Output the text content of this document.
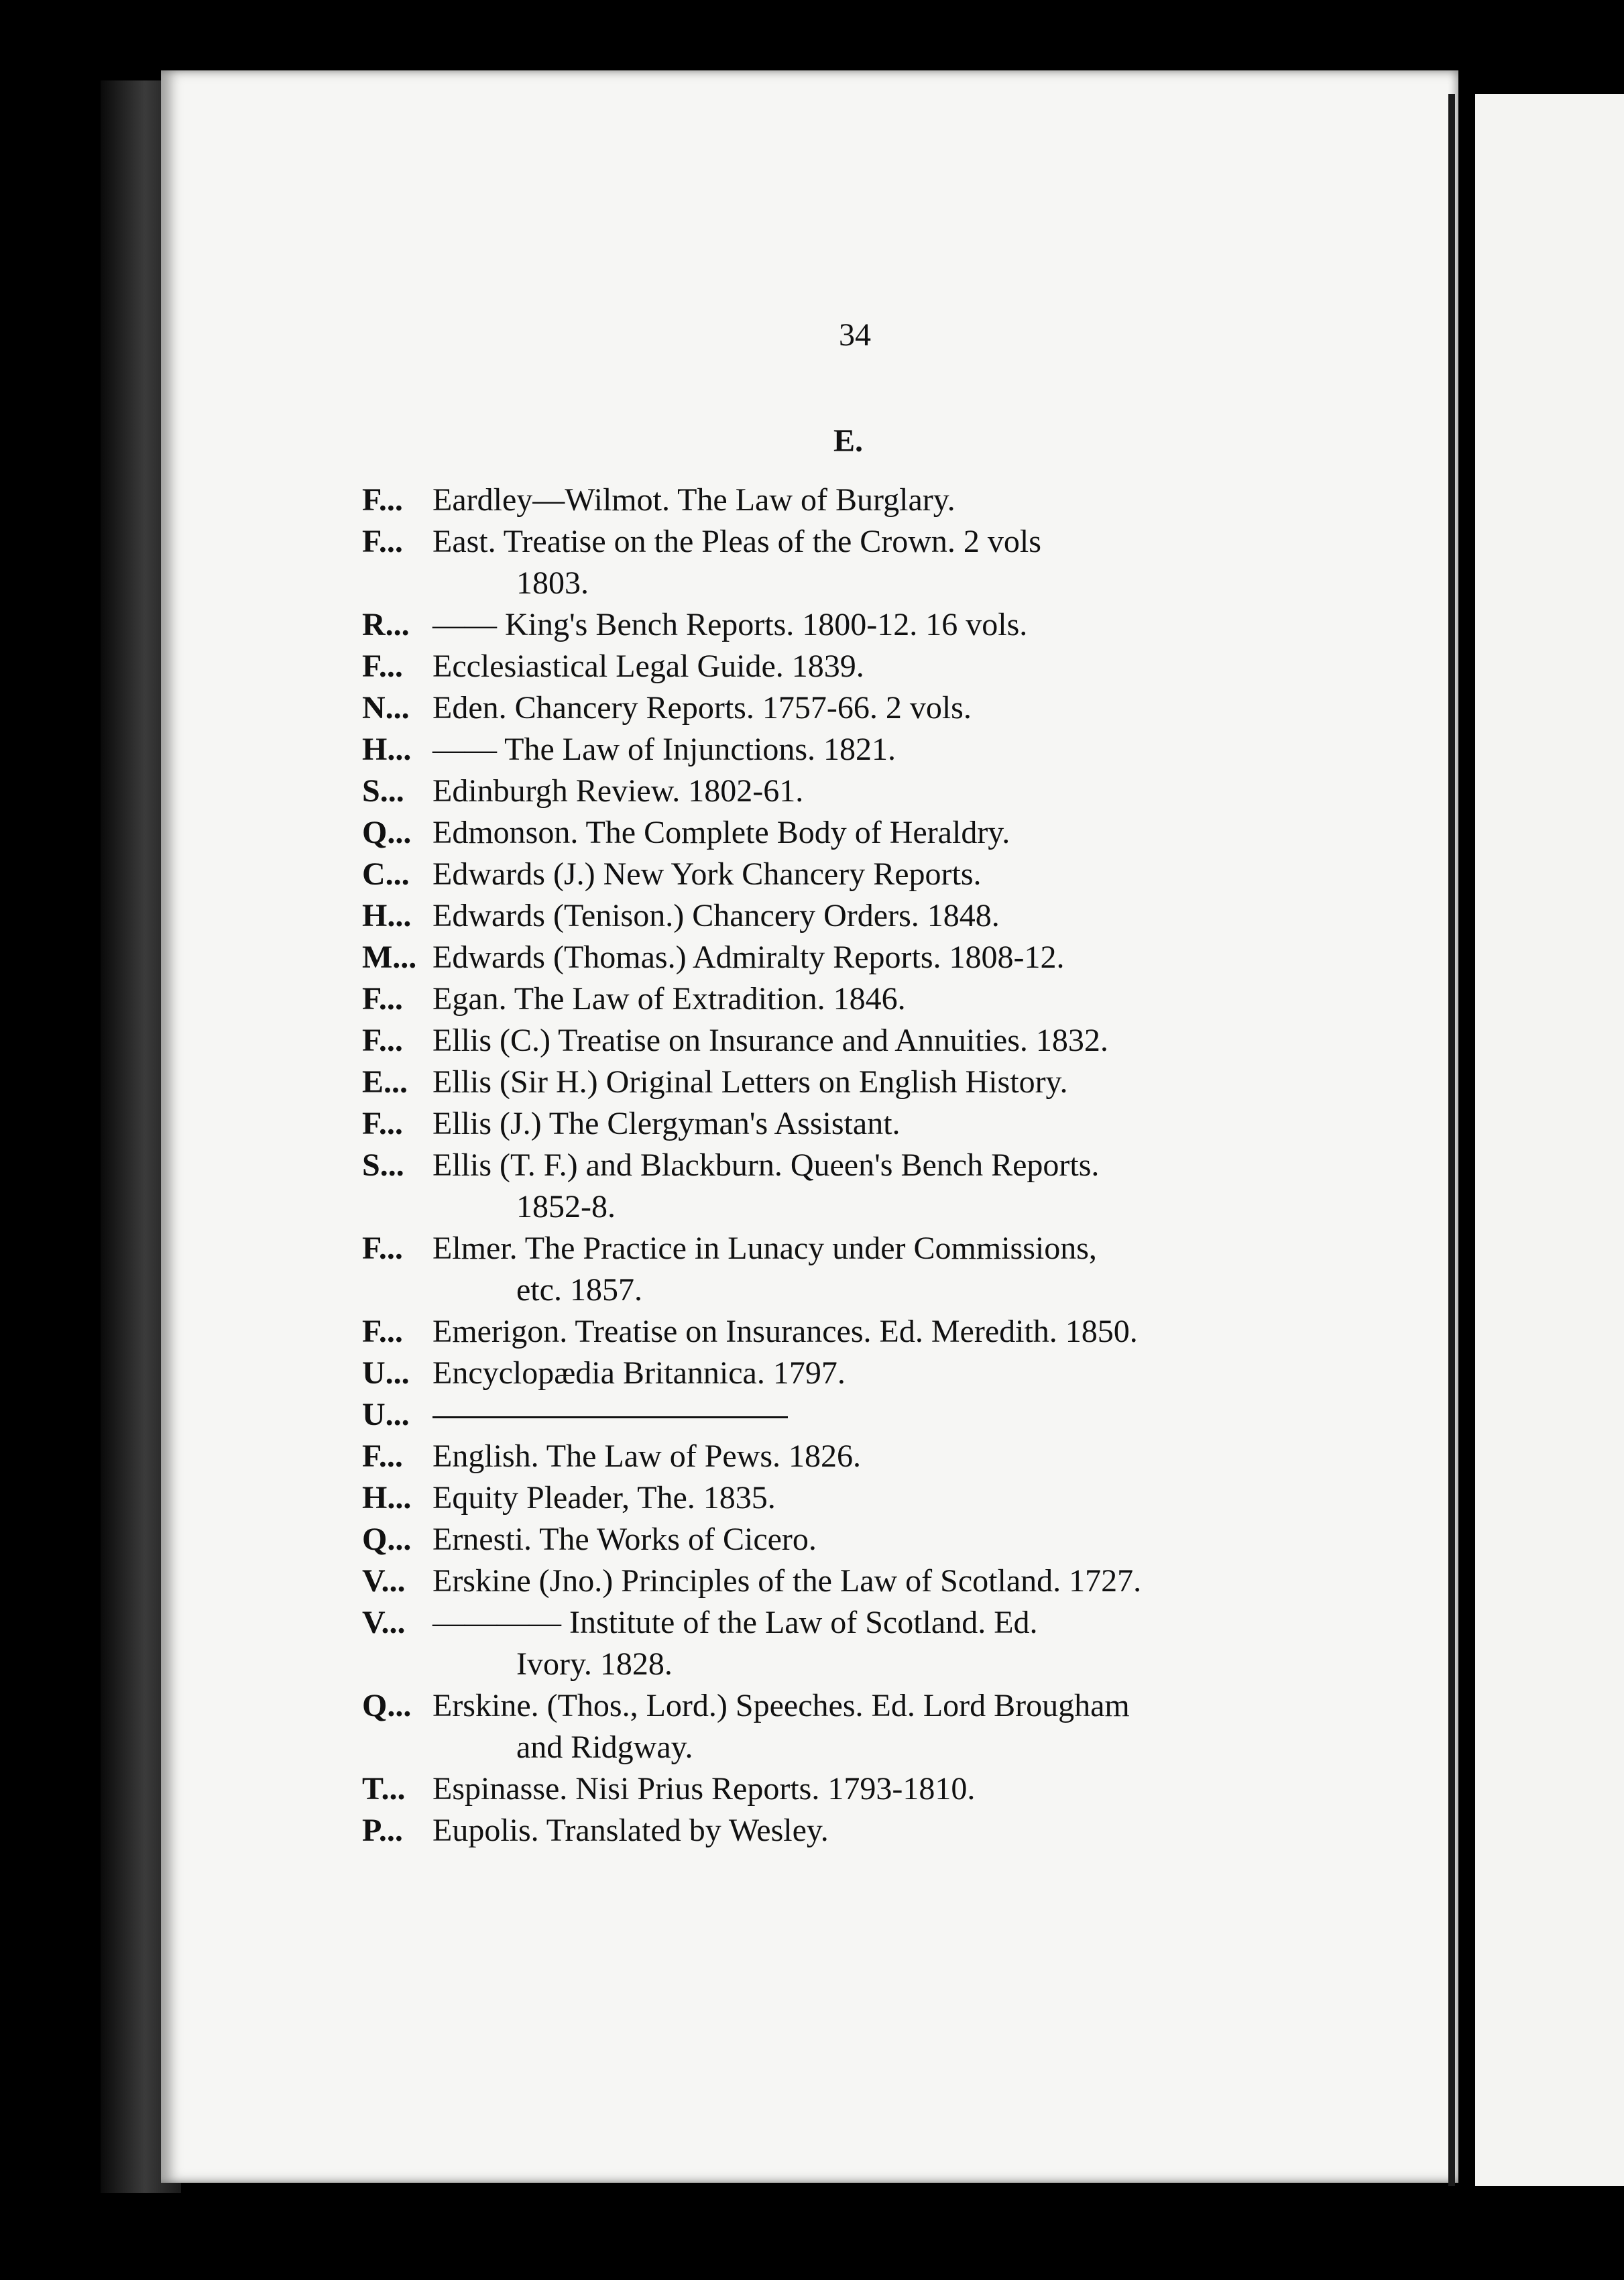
34
E.
F... Eardley—Wilmot. The Law of Burglary.
F... East. Treatise on the Pleas of the Crown. 2 vols
1803.
R... —— King's Bench Reports. 1800-12. 16 vols.
F... Ecclesiastical Legal Guide. 1839.
N... Eden. Chancery Reports. 1757-66. 2 vols.
H... —— The Law of Injunctions. 1821.
S... Edinburgh Review. 1802-61.
Q... Edmonson. The Complete Body of Heraldry.
C... Edwards (J.) New York Chancery Reports.
H... Edwards (Tenison.) Chancery Orders. 1848.
M... Edwards (Thomas.) Admiralty Reports. 1808-12.
F... Egan. The Law of Extradition. 1846.
F... Ellis (C.) Treatise on Insurance and Annuities. 1832.
E... Ellis (Sir H.) Original Letters on English History.
F... Ellis (J.) The Clergyman's Assistant.
S... Ellis (T. F.) and Blackburn. Queen's Bench Reports.
1852-8.
F... Elmer. The Practice in Lunacy under Commissions,
etc. 1857.
F... Emerigon. Treatise on Insurances. Ed. Meredith. 1850.
U... Encyclopædia Britannica. 1797.
U...
F... English. The Law of Pews. 1826.
H... Equity Pleader, The. 1835.
Q... Ernesti. The Works of Cicero.
V... Erskine (Jno.) Principles of the Law of Scotland. 1727.
V... ———— Institute of the Law of Scotland. Ed.
Ivory. 1828.
Q... Erskine. (Thos., Lord.) Speeches. Ed. Lord Brougham
and Ridgway.
T... Espinasse. Nisi Prius Reports. 1793-1810.
P... Eupolis. Translated by Wesley.
